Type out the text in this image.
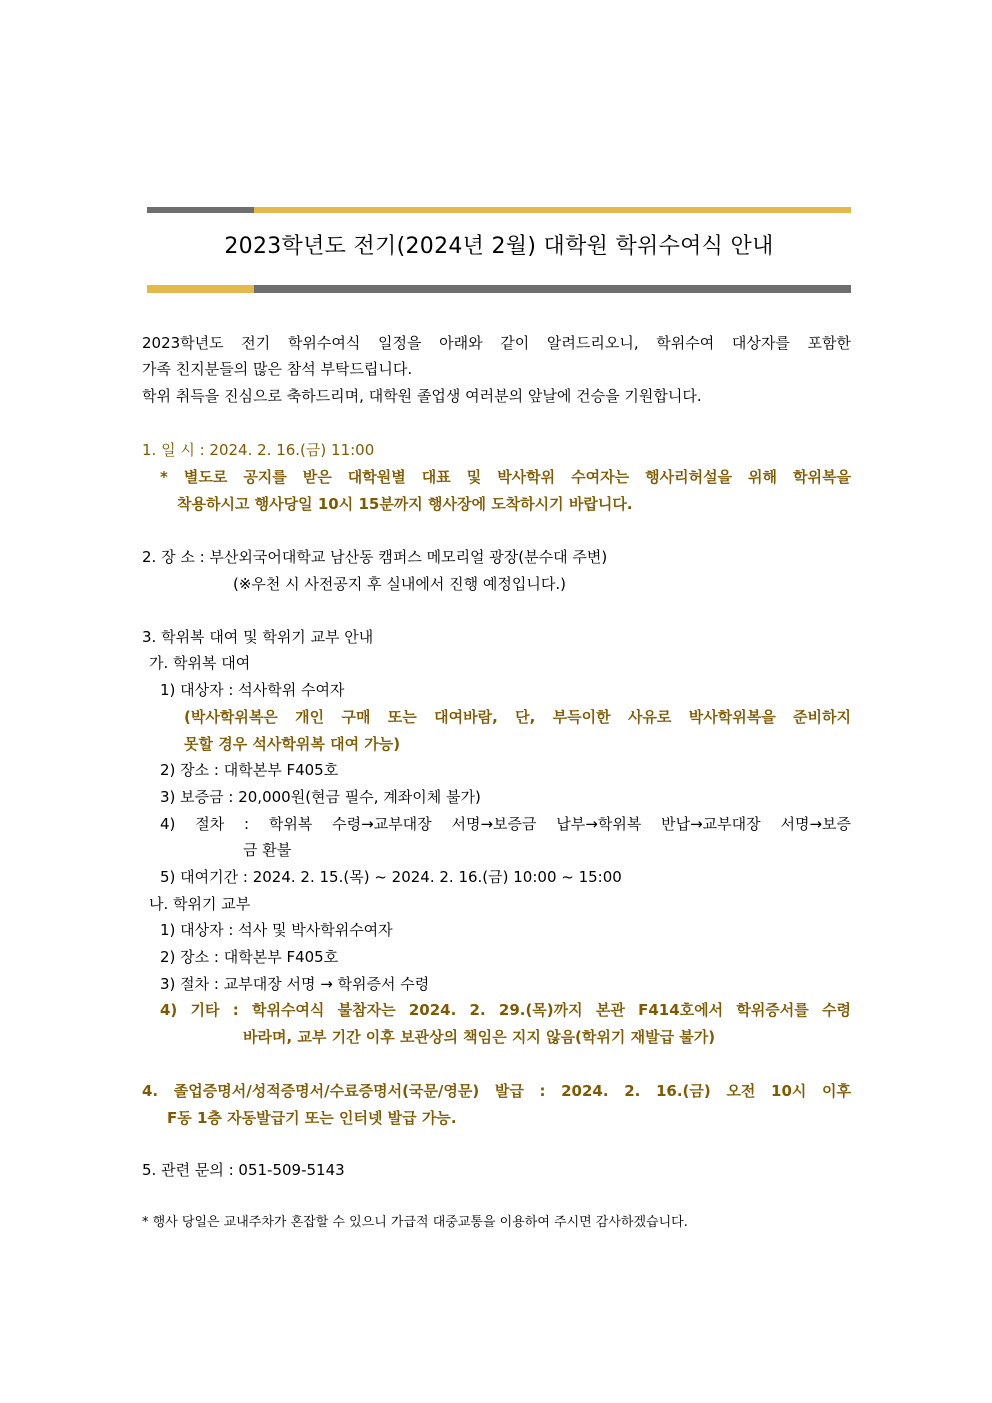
2023학년도 전기(2024년 2월) 대학원 학위수여식 안내
2023학년도 전기 학위수여식 일정을 아래와 같이 알려드리오니, 학위수여 대상자를 포함한
가족 친지분들의 많은 참석 부탁드립니다.
학위 취득을 진심으로 축하드리며, 대학원 졸업생 여러분의 앞날에 건승을 기원합니다.
1. 일 시 : 2024. 2. 16.(금) 11:00
* 별도로 공지를 받은 대학원별 대표 및 박사학위 수여자는 행사리허설을 위해 학위복을
착용하시고 행사당일 10시 15분까지 행사장에 도착하시기 바랍니다.
2. 장 소 : 부산외국어대학교 남산동 캠퍼스 메모리얼 광장(분수대 주변)
(※우천 시 사전공지 후 실내에서 진행 예정입니다.)
3. 학위복 대여 및 학위기 교부 안내
가. 학위복 대여
1) 대상자 : 석사학위 수여자
(박사학위복은 개인 구매 또는 대여바람, 단, 부득이한 사유로 박사학위복을 준비하지
못할 경우 석사학위복 대여 가능)
2) 장소 : 대학본부 F405호
3) 보증금 : 20,000원(현금 필수, 계좌이체 불가)
4) 절차 : 학위복 수령→교부대장 서명→보증금 납부→학위복 반납→교부대장 서명→보증
금 환불
5) 대여기간 : 2024. 2. 15.(목) ~ 2024. 2. 16.(금) 10:00 ~ 15:00
나. 학위기 교부
1) 대상자 : 석사 및 박사학위수여자
2) 장소 : 대학본부 F405호
3) 절차 : 교부대장 서명 → 학위증서 수령
4) 기타 : 학위수여식 불참자는 2024. 2. 29.(목)까지 본관 F414호에서 학위증서를 수령
바라며, 교부 기간 이후 보관상의 책임은 지지 않음(학위기 재발급 불가)
4. 졸업증명서/성적증명서/수료증명서(국문/영문) 발급 : 2024. 2. 16.(금) 오전 10시 이후
F동 1층 자동발급기 또는 인터넷 발급 가능.
5. 관련 문의 : 051-509-5143
* 행사 당일은 교내주차가 혼잡할 수 있으니 가급적 대중교통을 이용하여 주시면 감사하겠습니다.
